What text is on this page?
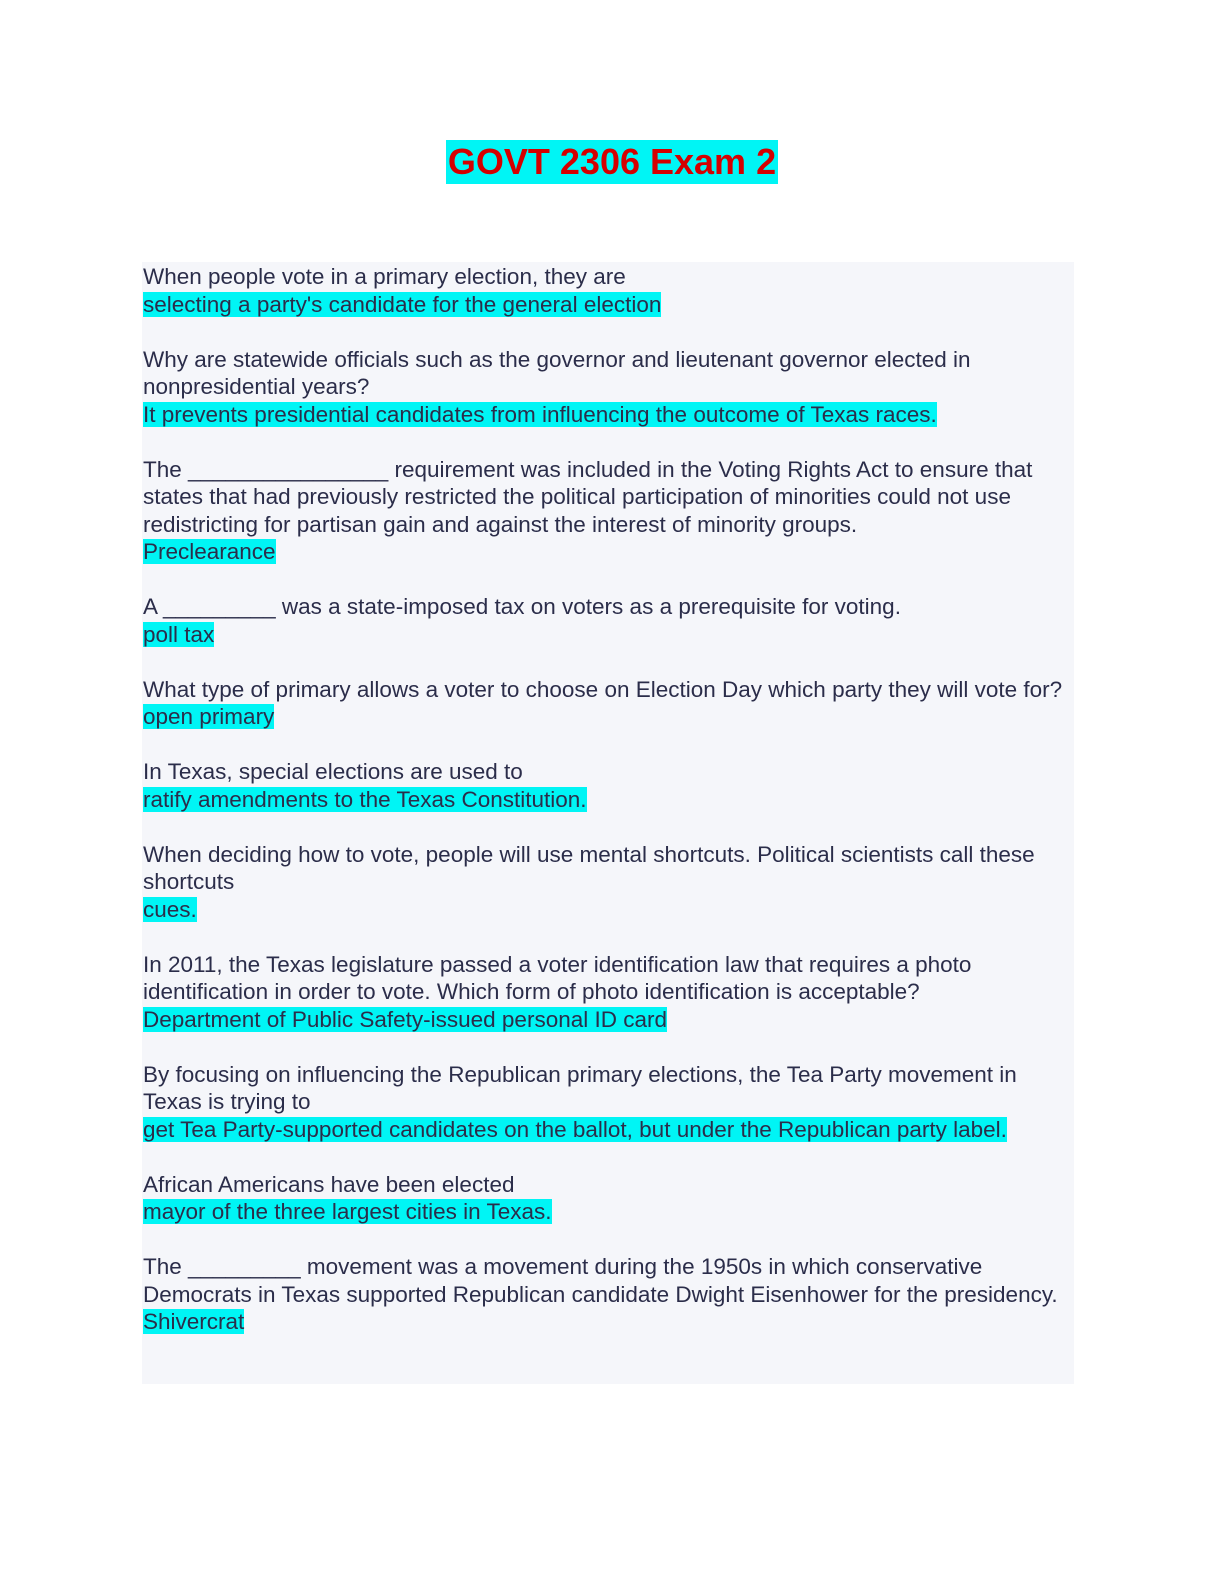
GOVT 2306 Exam 2
When people vote in a primary election, they are
selecting a party's candidate for the general election
Why are statewide officials such as the governor and lieutenant governor elected in nonpresidential years?
It prevents presidential candidates from influencing the outcome of Texas races.
The ________________ requirement was included in the Voting Rights Act to ensure that states that had previously restricted the political participation of minorities could not use redistricting for partisan gain and against the interest of minority groups.
Preclearance
A _________ was a state-imposed tax on voters as a prerequisite for voting.
poll tax
What type of primary allows a voter to choose on Election Day which party they will vote for?
open primary
In Texas, special elections are used to
ratify amendments to the Texas Constitution.
When deciding how to vote, people will use mental shortcuts. Political scientists call these shortcuts
cues.
In 2011, the Texas legislature passed a voter identification law that requires a photo identification in order to vote. Which form of photo identification is acceptable?
Department of Public Safety-issued personal ID card
By focusing on influencing the Republican primary elections, the Tea Party movement in Texas is trying to
get Tea Party-supported candidates on the ballot, but under the Republican party label.
African Americans have been elected
mayor of the three largest cities in Texas.
The _________ movement was a movement during the 1950s in which conservative Democrats in Texas supported Republican candidate Dwight Eisenhower for the presidency.
Shivercrat
